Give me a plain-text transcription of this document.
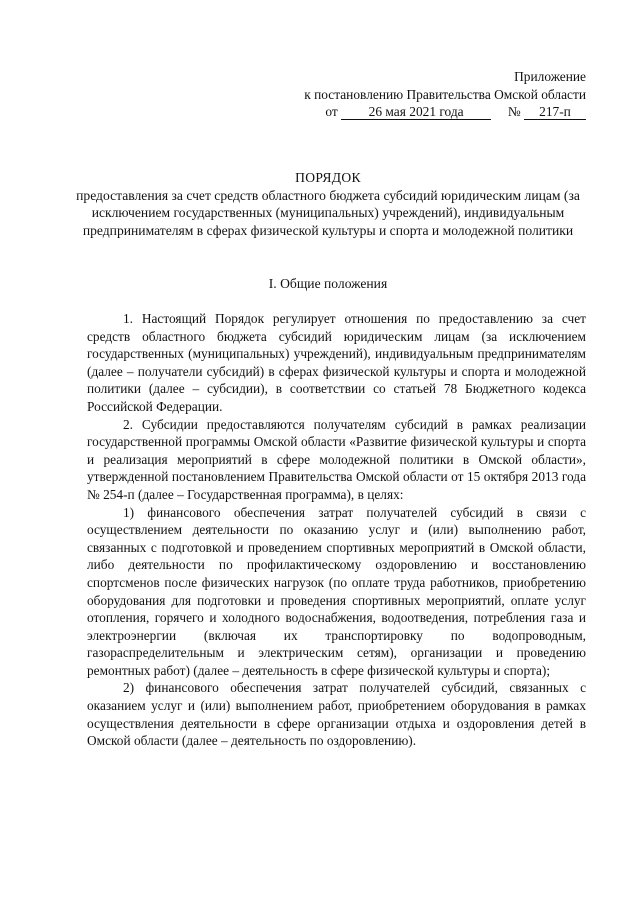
Приложение
к постановлению Правительства Омской области
от 26 мая 2021 года	№ 217-п
ПОРЯДОК
предоставления за счет средств областного бюджета субсидий юридическим лицам (за исключением государственных (муниципальных) учреждений), индивидуальным предпринимателям в сферах физической культуры и спорта и молодежной политики
I. Общие положения

1. Настоящий Порядок регулирует отношения по предоставлению за счет средств областного бюджета субсидий юридическим лицам (за исключением государственных (муниципальных) учреждений), индивидуальным предпринимателям (далее – получатели субсидий) в сферах физической культуры и спорта и молодежной политики (далее – субсидии), в соответствии со статьей 78 Бюджетного кодекса Российской Федерации.

2. Субсидии предоставляются получателям субсидий в рамках реализации государственной программы Омской области «Развитие физической культуры и спорта и реализация мероприятий в сфере молодежной политики в Омской области», утвержденной постановлением Правительства Омской области от 15 октября 2013 года № 254-п (далее – Государственная программа), в целях:

1) финансового обеспечения затрат получателей субсидий в связи с осуществлением деятельности по оказанию услуг и (или) выполнению работ, связанных с подготовкой и проведением спортивных мероприятий в Омской области, либо деятельности по профилактическому оздоровлению и восстановлению спортсменов после физических нагрузок (по оплате труда работников, приобретению оборудования для подготовки и проведения спортивных мероприятий, оплате услуг отопления, горячего и холодного водоснабжения, водоотведения, потребления газа и электроэнергии (включая их транспортировку по водопроводным, газораспределительным и электрическим сетям), организации и проведению ремонтных работ) (далее – деятельность в сфере физической культуры и спорта);

2) финансового обеспечения затрат получателей субсидий, связанных с оказанием услуг и (или) выполнением работ, приобретением оборудования в рамках осуществления деятельности в сфере организации отдыха и оздоровления детей в Омской области (далее – деятельность по оздоровлению).
